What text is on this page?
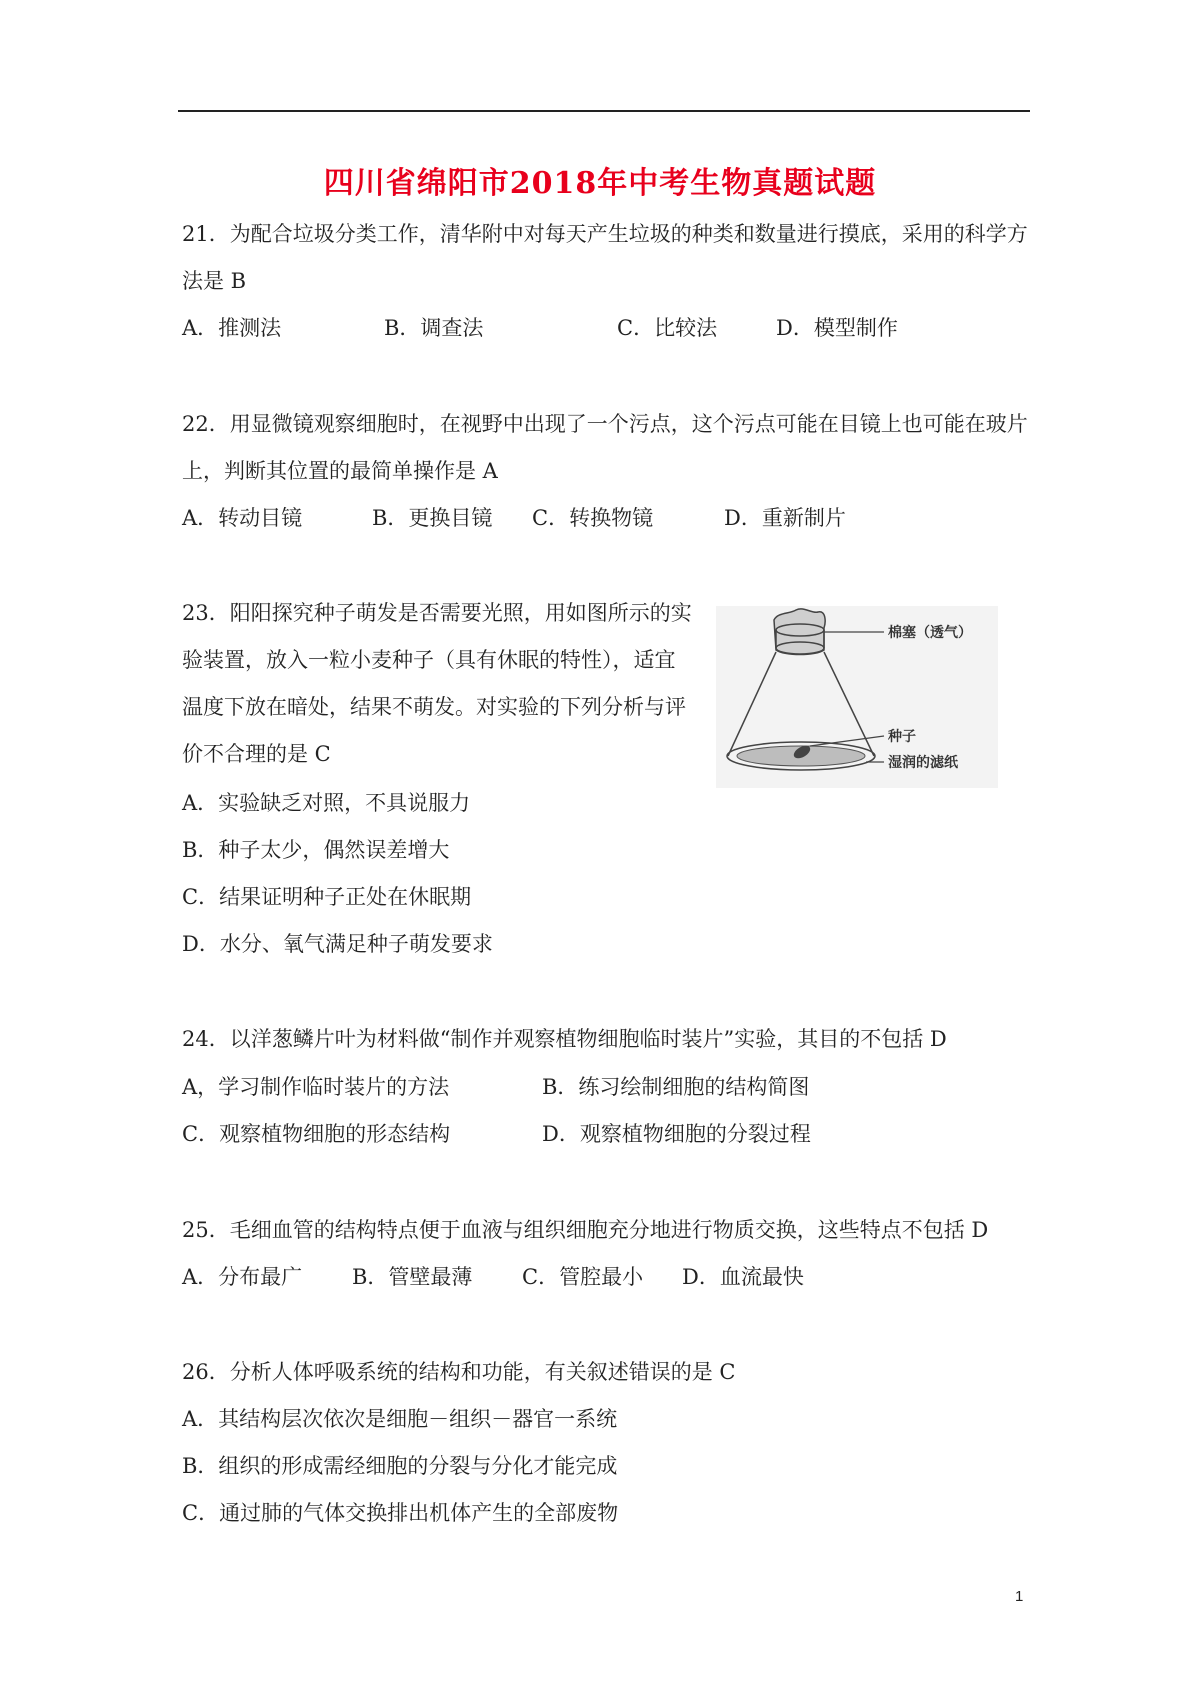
四川省绵阳市2018年中考生物真题试题
21．为配合垃圾分类工作，清华附中对每天产生垃圾的种类和数量进行摸底，采用的科学方
法是 B
A．推测法	B．调查法	C．比较法	D．模型制作
22．用显微镜观察细胞时，在视野中出现了一个污点，这个污点可能在目镜上也可能在玻片
上，判断其位置的最简单操作是 A
A．转动目镜	B．更换目镜 C．转换物镜	D．重新制片
23．阳阳探究种子萌发是否需要光照，用如图所示的实
验装置，放入一粒小麦种子（具有休眠的特性），适宜
温度下放在暗处，结果不萌发。对实验的下列分析与评
价不合理的是 C
A．实验缺乏对照，不具说服力
B．种子太少，偶然误差增大
C．结果证明种子正处在休眠期
D．水分、氧气满足种子萌发要求
棉塞（透气）
种子
湿润的滤纸
24．以洋葱鳞片叶为材料做“制作并观察植物细胞临时装片”实验，其目的不包括 D
A，学习制作临时装片的方法	B．练习绘制细胞的结构简图
C．观察植物细胞的形态结构	D．观察植物细胞的分裂过程
25．毛细血管的结构特点便于血液与组织细胞充分地进行物质交换，这些特点不包括 D
A．分布最广 B．管壁最薄 C．管腔最小 D．血流最快
26．分析人体呼吸系统的结构和功能，有关叙述错误的是 C
A．其结构层次依次是细胞－组织－器官一系统
B．组织的形成需经细胞的分裂与分化才能完成
C．通过肺的气体交换排出机体产生的全部废物
1
